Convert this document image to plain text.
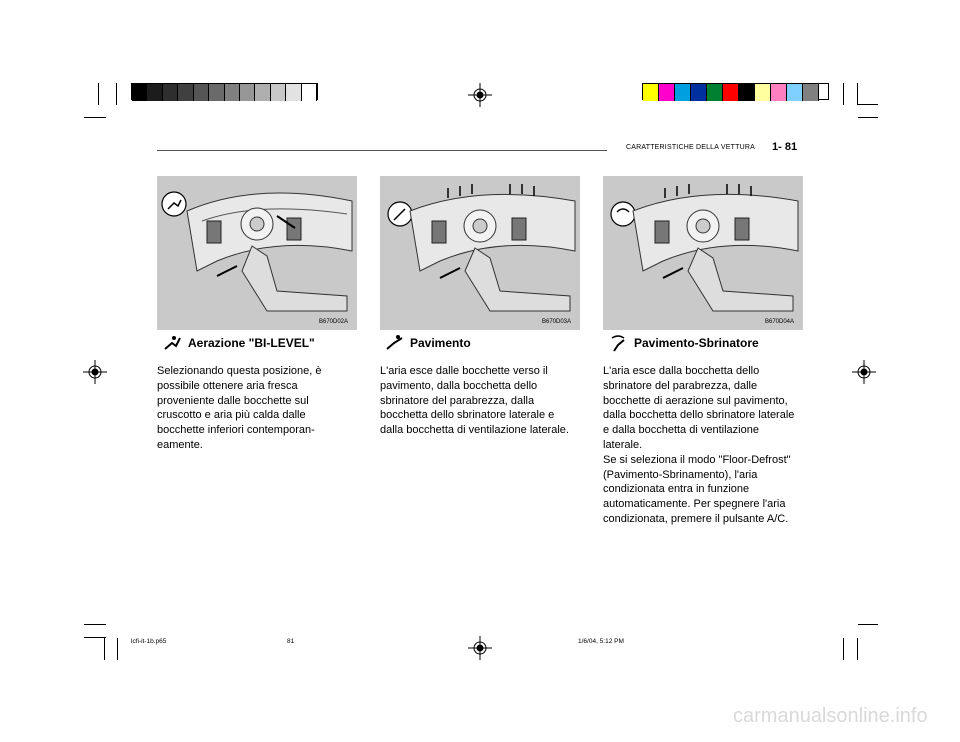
CARATTERISTICHE DELLA VETTURA 1- 81
B670D02A	B670D03A	B670D04A
Aerazione "BI-LEVEL"
Selezionando questa posizione, è
possibile ottenere aria fresca
proveniente dalle bocchette sul
cruscotto e aria più calda dalle
bocchette inferiori contemporan-
eamente.
Pavimento
L'aria esce dalle bocchette verso il
pavimento, dalla bocchetta dello
sbrinatore del parabrezza, dalla
bocchetta dello sbrinatore laterale e
dalla bocchetta di ventilazione laterale.
Pavimento-Sbrinatore
L'aria esce dalla bocchetta dello
sbrinatore del parabrezza, dalle
bocchette di aerazione sul pavimento,
dalla bocchetta dello sbrinatore laterale
e dalla bocchetta di ventilazione
laterale.
Se si seleziona il modo "Floor-Defrost"
(Pavimento-Sbrinamento), l'aria
condizionata entra in funzione
automaticamente. Per spegnere l'aria
condizionata, premere il pulsante A/C.
lcfi-it-1b.p65	81	1/6/04, 5:12 PM
carmanualsonline.info
